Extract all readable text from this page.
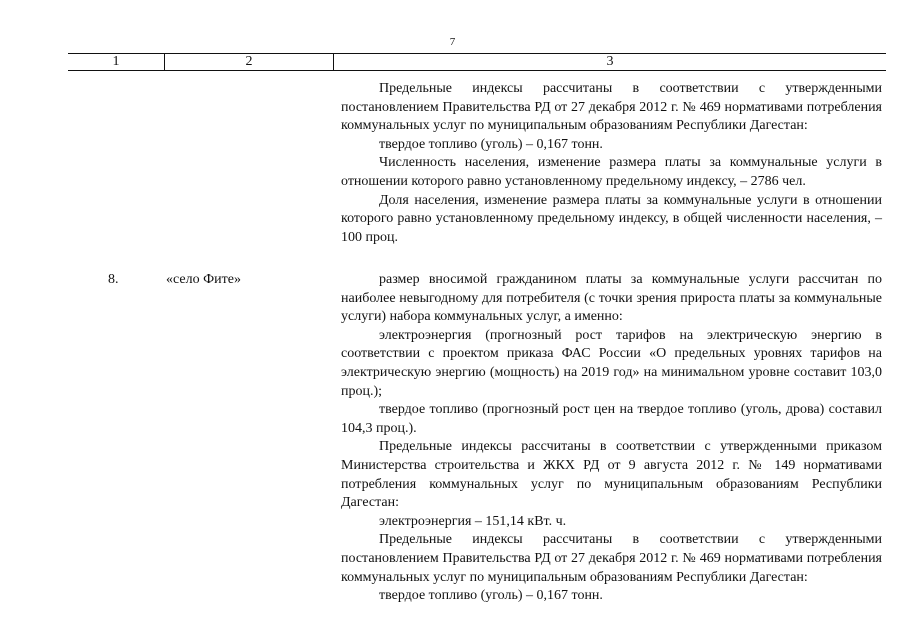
7
1	2	3

Предельные индексы рассчитаны в соответствии с утвержденными постановлением Правительства РД от 27 декабря 2012 г. № 469 нормативами потребления коммунальных услуг по муниципальным образованиям Республики Дагестан:

твердое топливо (уголь) – 0,167 тонн.

Численность населения, изменение размера платы за коммунальные услуги в отношении которого равно установленному предельному индексу, – 2786 чел.

Доля населения, изменение размера платы за коммунальные услуги в отношении которого равно установленному предельному индексу, в общей численности населения, – 100 проц.

8.	«село Фите»	размер вносимой гражданином платы за коммунальные услуги рассчитан по наиболее невыгодному для потребителя (с точки зрения прироста платы за коммунальные услуги) набора коммунальных услуг, а именно:

электроэнергия (прогнозный рост тарифов на электрическую энергию в соответствии с проектом приказа ФАС России «О предельных уровнях тарифов на электрическую энергию (мощность) на 2019 год» на минимальном уровне составит 103,0 проц.);

твердое топливо (прогнозный рост цен на твердое топливо (уголь, дрова) составил 104,3 проц.).

Предельные индексы рассчитаны в соответствии с утвержденными приказом Министерства строительства и ЖКХ РД от 9 августа 2012 г. № 149 нормативами потребления коммунальных услуг по муниципальным образованиям Республики Дагестан:

электроэнергия – 151,14 кВт. ч.

Предельные индексы рассчитаны в соответствии с утвержденными постановлением Правительства РД от 27 декабря 2012 г. № 469 нормативами потребления коммунальных услуг по муниципальным образованиям Республики Дагестан:

твердое топливо (уголь) – 0,167 тонн.
